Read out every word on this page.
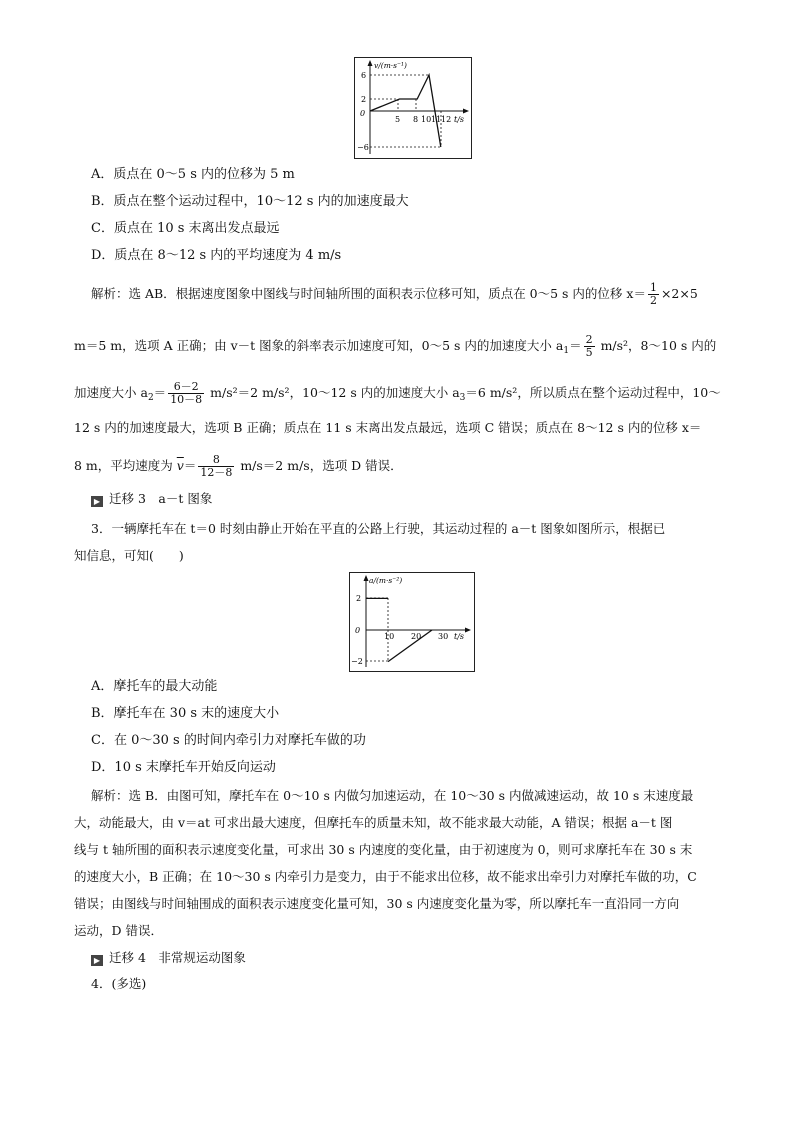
v/(m·s⁻¹)
6
2
0
−6
5 8 10 11 12 t/s
A．质点在 0～5 s 内的位移为 5 m
B．质点在整个运动过程中，10～12 s 内的加速度最大
C．质点在 10 s 末离出发点最远
D．质点在 8～12 s 内的平均速度为 4 m/s
解析：选 AB．根据速度图象中图线与时间轴所围的面积表示位移可知，质点在 0～5 s 内的位移 $x= \frac{1}{2} \times 2\times 5$
m＝5 m，选项 A 正确；由 v－t 图象的斜率表示加速度可知，0～5 s 内的加速度大小 $a_1= \frac{2}{5} m/s^2$，8～10 s 内的
加速度大小 $a_2= \frac{6-2}{10-8} m/s^2=2$ m/s²，10～12 s 内的加速度大小 $a_3=6$ m/s²，所以质点在整个运动过程中，10～
12 s 内的加速度最大，选项 B 正确；质点在 11 s 末离出发点最远，选项 C 错误；质点在 8～12 s 内的位移 x＝
8 m，平均速度为 $\overline{v}= \frac{8}{12-8} m/s=2$ m/s，选项 D 错误．
▶ 迁移 3　a－t 图象
3．一辆摩托车在 t＝0 时刻由静止开始在平直的公路上行驶，其运动过程的 a－t 图象如图所示，根据已
知信息，可知(　　)
a/(m·s⁻²)
2
0
−2
10 20 30 t/s
A．摩托车的最大动能
B．摩托车在 30 s 末的速度大小
C．在 0～30 s 的时间内牵引力对摩托车做的功
D．10 s 末摩托车开始反向运动
解析：选 B．由图可知，摩托车在 0～10 s 内做匀加速运动，在 10～30 s 内做减速运动，故 10 s 末速度最
大，动能最大，由 v＝at 可求出最大速度，但摩托车的质量未知，故不能求最大动能，A 错误；根据 a－t 图
线与 t 轴所围的面积表示速度变化量，可求出 30 s 内速度的变化量，由于初速度为 0，则可求摩托车在 30 s 末
的速度大小，B 正确；在 10～30 s 内牵引力是变力，由于不能求出位移，故不能求出牵引力对摩托车做的功，C
错误；由图线与时间轴围成的面积表示速度变化量可知，30 s 内速度变化量为零，所以摩托车一直沿同一方向
运动，D 错误．
▶ 迁移 4　非常规运动图象
4．(多选)
